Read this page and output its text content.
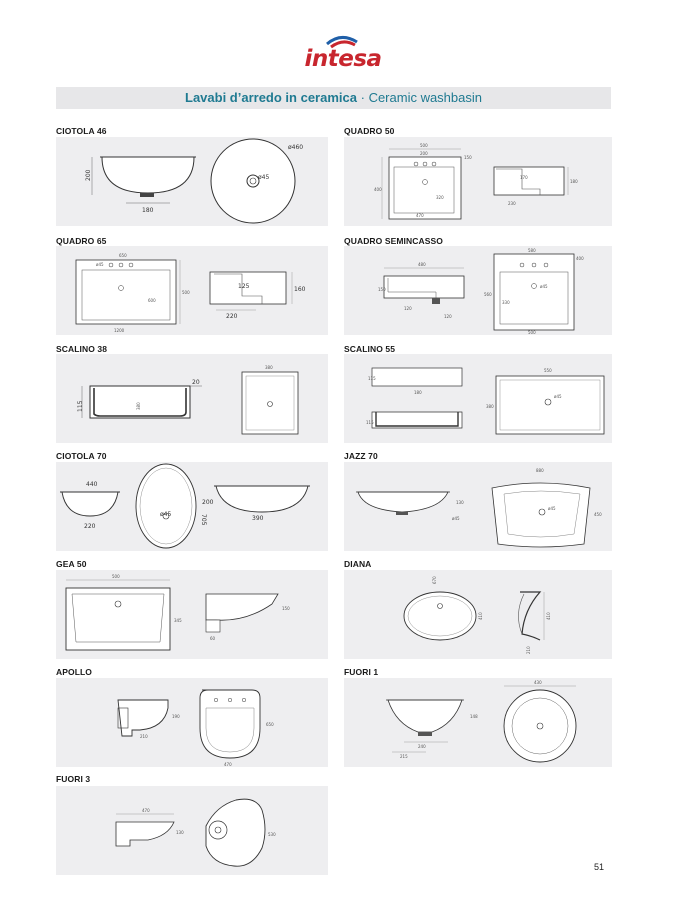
intesa
Lavabi d’arredo in ceramica · Ceramic washbasin
CIOTOLA 46
200
180
ø460
ø45
QUADRO 50
500
200
400
150
470
320
180
170
230
QUADRO 65
650
ø45
500
600
1200
125	160
220
QUADRO SEMINCASSO
480
150
120
120
580
ø45
560
330
500
400
SCALINO 38
115
20
380
380
SCALINO 55
115
180
115
550
ø45
380
CIOTOLA 70
440
220
ø45
200
705	390
JAZZ 70
130
ø45
ø45
880
450
GEA 50
500
345
150
60
DIANA
670
410	410
210
APOLLO
190
210
650
470
FUORI 1
148
240
215
430
FUORI 3
470
130	530
51
